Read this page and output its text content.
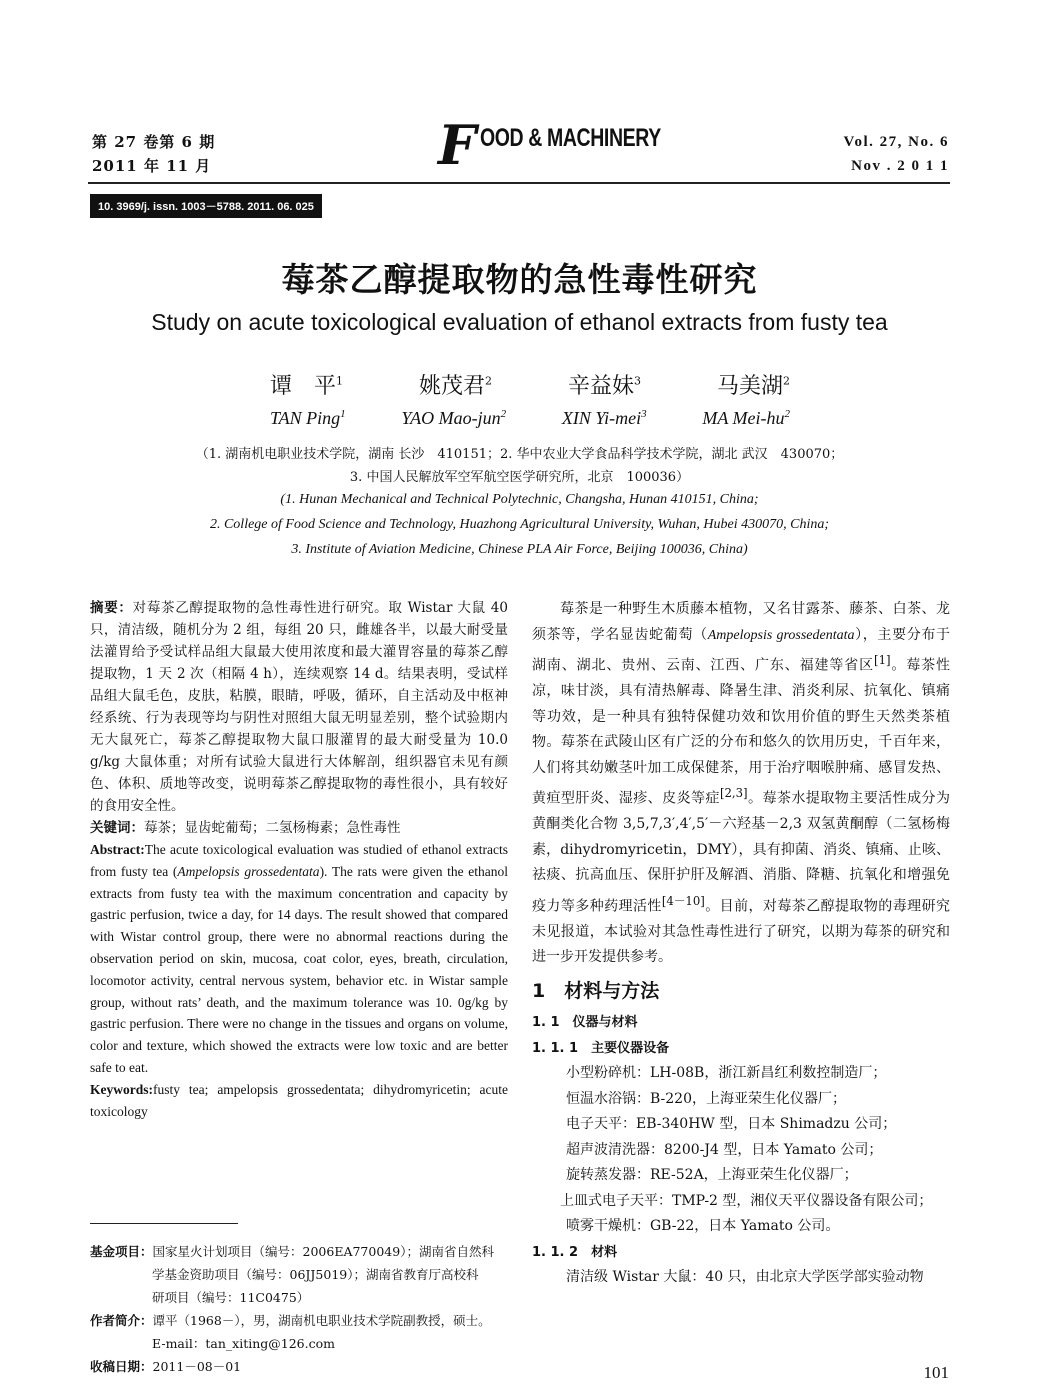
第 27 卷第 6 期
2011 年 11 月	F OOD & MACHINERY	Vol. 27, No. 6
Nov . 2 0 1 1
10. 3969/j. issn. 1003－5788. 2011. 06. 025
莓茶乙醇提取物的急性毒性研究
Study on acute toxicological evaluation of ethanol extracts from fusty tea
谭　平$^1$	姚茂君$^2$	辛益妹$^3$	马美湖$^2$
TAN Ping$^1$	YAO Mao-jun$^2$	XIN Yi-mei$^3$	MA Mei-$hu^2$
（1. 湖南机电职业技术学院，湖南 长沙　410151；2. 华中农业大学食品科学技术学院，湖北 武汉　430070；
3. 中国人民解放军空军航空医学研究所，北京　100036）
(1. Hunan Mechanical and Technical Polytechnic, Changsha, Hunan 410151, China;
2. College of Food Science and Technology, Huazhong Agricultural University, Wuhan, Hubei 430070, China;
3. Institute of Aviation Medicine, Chinese PLA Air Force, Beijing 100036, China)

摘要：对莓茶乙醇提取物的急性毒性进行研究。取 Wistar 大鼠 40 只，清洁级，随机分为 2 组，每组 20 只，雌雄各半，以最大耐受量法灌胃给予受试样品组大鼠最大使用浓度和最大灌胃容量的莓茶乙醇提取物，1 天 2 次（相隔 4 h），连续观察 14 d。结果表明，受试样品组大鼠毛色，皮肤，粘膜，眼睛，呼吸，循环，自主活动及中枢神经系统、行为表现等均与阴性对照组大鼠无明显差别，整个试验期内无大鼠死亡，莓茶乙醇提取物大鼠口服灌胃的最大耐受量为 10.0 g/kg 大鼠体重；对所有试验大鼠进行大体解剖，组织器官未见有颜色、体积、质地等改变，说明莓茶乙醇提取物的毒性很小，具有较好的食用安全性。

关键词：莓茶；显齿蛇葡萄；二氢杨梅素；急性毒性

Abstract:The acute toxicological evaluation was studied of ethanol extracts from fusty tea (Ampelopsis grossedentata). The rats were given the ethanol extracts from fusty tea with the maximum concentration and capacity by gastric perfusion, twice a day, for 14 days. The result showed that compared with Wistar control group, there were no abnormal reactions during the observation period on skin, mucosa, coat color, eyes, breath, circulation, locomotor activity, central nervous system, behavior etc. in Wistar sample group, without rats’ death, and the maximum tolerance was 10. 0g/kg by gastric perfusion. There were no change in the tissues and organs on volume, color and texture, which showed the extracts were low toxic and are better safe to eat.

Keywords:fusty tea; ampelopsis grossedentata; dihydromyricetin; acute toxicology

基金项目： 国家星火计划项目（编号：2006EA770049）；湖南省自然科
学基金资助项目（编号：06JJ5019）；湖南省教育厅高校科
研项目（编号：11C0475）
作者简介： 谭平（1968－），男，湖南机电职业技术学院副教授，硕士。
E-mail：tan_xiting@126.com
收稿日期： 2011－08－01

莓茶是一种野生木质藤本植物，又名甘露茶、藤茶、白茶、龙须茶等，学名显齿蛇葡萄（Ampelopsis grossedentata），主要分布于湖南、湖北、贵州、云南、江西、广东、福建等省区[1]。莓茶性凉，味甘淡，具有清热解毒、降暑生津、消炎利尿、抗氧化、镇痛等功效，是一种具有独特保健功效和饮用价值的野生天然类茶植物。莓茶在武陵山区有广泛的分布和悠久的饮用历史，千百年来，人们将其幼嫩茎叶加工成保健茶，用于治疗咽喉肿痛、感冒发热、黄疸型肝炎、湿疹、皮炎等症[2,3]。莓茶水提取物主要活性成分为黄酮类化合物 3,5,7,3′,4′,5′－六羟基－2,3 双氢黄酮醇（二氢杨梅素，dihydromyricetin，DMY），具有抑菌、消炎、镇痛、止咳、祛痰、抗高血压、保肝护肝及解酒、消脂、降糖、抗氧化和增强免疫力等多种药理活性[4－10]。目前，对莓茶乙醇提取物的毒理研究未见报道，本试验对其急性毒性进行了研究，以期为莓茶的研究和进一步开发提供参考。

1　材料与方法

1. 1　仪器与材料

1. 1. 1　主要仪器设备

小型粉碎机：LH-08B，浙江新昌红利数控制造厂；

恒温水浴锅：B-220，上海亚荣生化仪器厂；

电子天平：EB-340HW 型，日本 Shimadzu 公司；

超声波清洗器：8200-J4 型，日本 Yamato 公司；

旋转蒸发器：RE-52A，上海亚荣生化仪器厂；

上皿式电子天平：TMP-2 型，湘仪天平仪器设备有限公司；

喷雾干燥机：GB-22，日本 Yamato 公司。

1. 1. 2　材料

清洁级 Wistar 大鼠：40 只，由北京大学医学部实验动物

101
